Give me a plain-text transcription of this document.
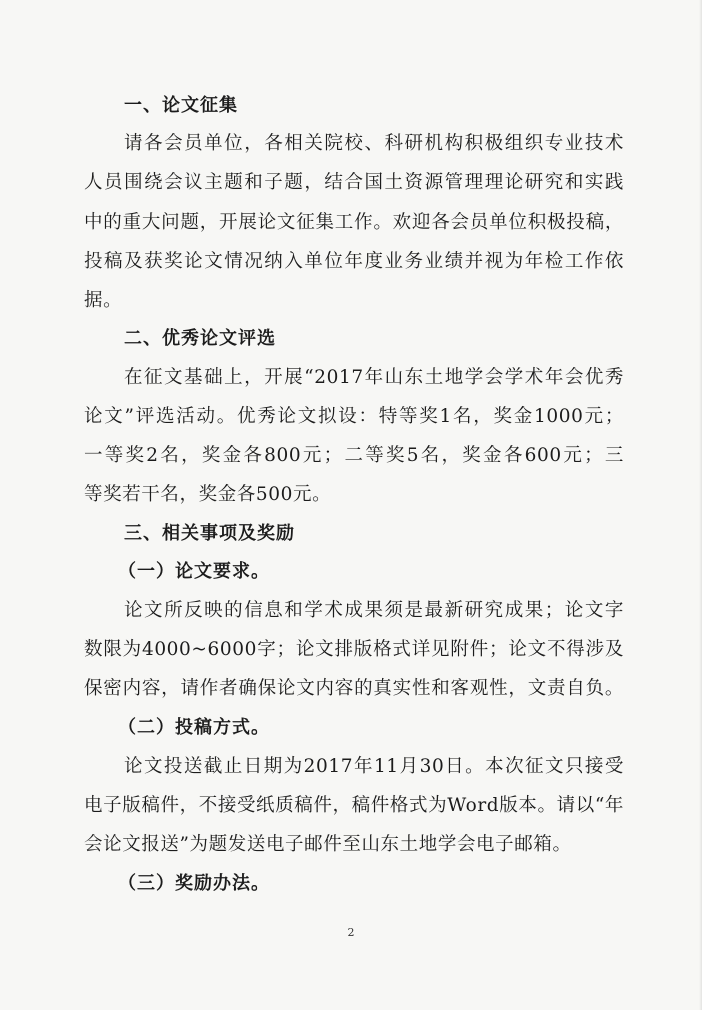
一、论文征集
请各会员单位，各相关院校、科研机构积极组织专业技术
人员围绕会议主题和子题，结合国土资源管理理论研究和实践
中的重大问题，开展论文征集工作。欢迎各会员单位积极投稿，
投稿及获奖论文情况纳入单位年度业务业绩并视为年检工作依
据。
二、优秀论文评选
在征文基础上，开展“2017年山东土地学会学术年会优秀
论文”评选活动。优秀论文拟设：特等奖1名，奖金1000元；
一等奖2名，奖金各800元；二等奖5名，奖金各600元；三
等奖若干名，奖金各500元。
三、相关事项及奖励
（一）论文要求。
论文所反映的信息和学术成果须是最新研究成果；论文字
数限为4000~6000字；论文排版格式详见附件；论文不得涉及
保密内容，请作者确保论文内容的真实性和客观性，文责自负。
（二）投稿方式。
论文投送截止日期为2017年11月30日。本次征文只接受
电子版稿件，不接受纸质稿件，稿件格式为Word版本。请以“年
会论文报送”为题发送电子邮件至山东土地学会电子邮箱。
（三）奖励办法。
2
